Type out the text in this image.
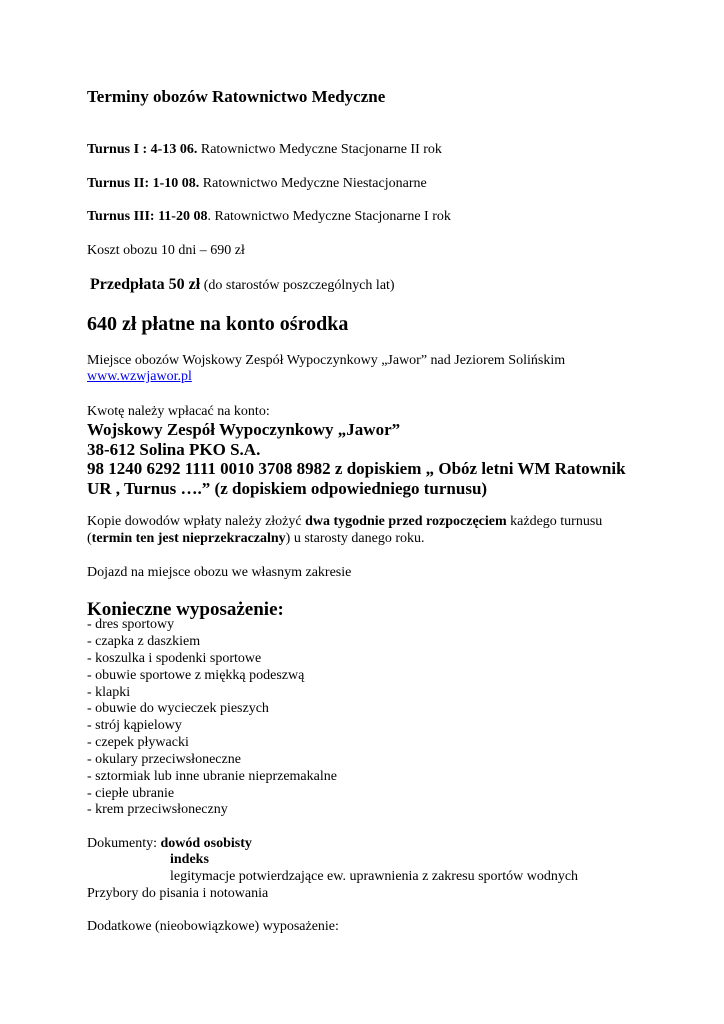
Terminy obozów Ratownictwo Medyczne
Turnus I : 4-13 06. Ratownictwo Medyczne Stacjonarne II rok
Turnus II: 1-10 08. Ratownictwo Medyczne Niestacjonarne
Turnus III: 11-20 08. Ratownictwo Medyczne Stacjonarne I rok
Koszt obozu 10 dni – 690 zł
Przedpłata 50 zł (do starostów poszczególnych lat)
640 zł płatne na konto ośrodka
Miejsce obozów Wojskowy Zespół Wypoczynkowy „Jawor” nad Jeziorem Solińskim
www.wzwjawor.pl
Kwotę należy wpłacać na konto:
Wojskowy Zespół Wypoczynkowy „Jawor”
38-612 Solina PKO S.A.
98 1240 6292 1111 0010 3708 8982 z dopiskiem „ Obóz letni WM Ratownik
UR , Turnus ….” (z dopiskiem odpowiedniego turnusu)
Kopie dowodów wpłaty należy złożyć dwa tygodnie przed rozpoczęciem każdego turnusu
(termin ten jest nieprzekraczalny) u starosty danego roku.
Dojazd na miejsce obozu we własnym zakresie
Konieczne wyposażenie:
- dres sportowy
- czapka z daszkiem
- koszulka i spodenki sportowe
- obuwie sportowe z miękką podeszwą
- klapki
- obuwie do wycieczek pieszych
- strój kąpielowy
- czepek pływacki
- okulary przeciwsłoneczne
- sztormiak lub inne ubranie nieprzemakalne
- ciepłe ubranie
- krem przeciwsłoneczny
Dokumenty: dowód osobisty
indeks
legitymacje potwierdzające ew. uprawnienia z zakresu sportów wodnych
Przybory do pisania i notowania
Dodatkowe (nieobowiązkowe) wyposażenie:
